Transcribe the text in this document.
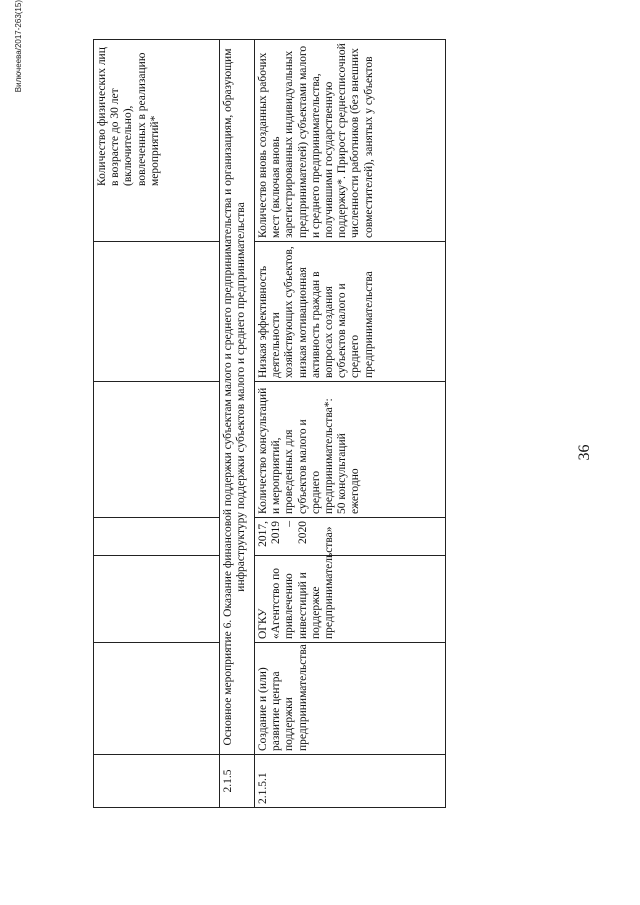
Вилючеева/2017-263(15)

						Количество физических лиц в возрасте до 30 лет (включительно), вовлеченных в реализацию мероприятий*

2.1.5	Основное мероприятие 6. Оказание финансовой поддержки субъектам малого и среднего предпринимательства и организациям, образующим инфраструктуру поддержки субъектов малого и среднего предпринимательства					
2.1.5.1	Создание и (или) развитие центра поддержки предпринимательства	ОГКУ «Агентство по привлечению инвестиций и поддержке предпринимательства»	2017, 2019 – 2020	Количество консультаций и мероприятий, проведенных для субъектов малого и среднего предпринимательства*: 50 консультаций ежегодно	Низкая эффективность деятельности хозяйствующих субъектов, низкая мотивационная активность граждан в вопросах создания субъектов малого и среднего предпринимательства	Количество вновь созданных рабочих мест (включая вновь зарегистрированных индивидуальных предпринимателей) субъектами малого и среднего предпринимательства, получившими государственную поддержку*. Прирост среднесписочной численности работников (без внешних совместителей), занятых у субъектов
36
